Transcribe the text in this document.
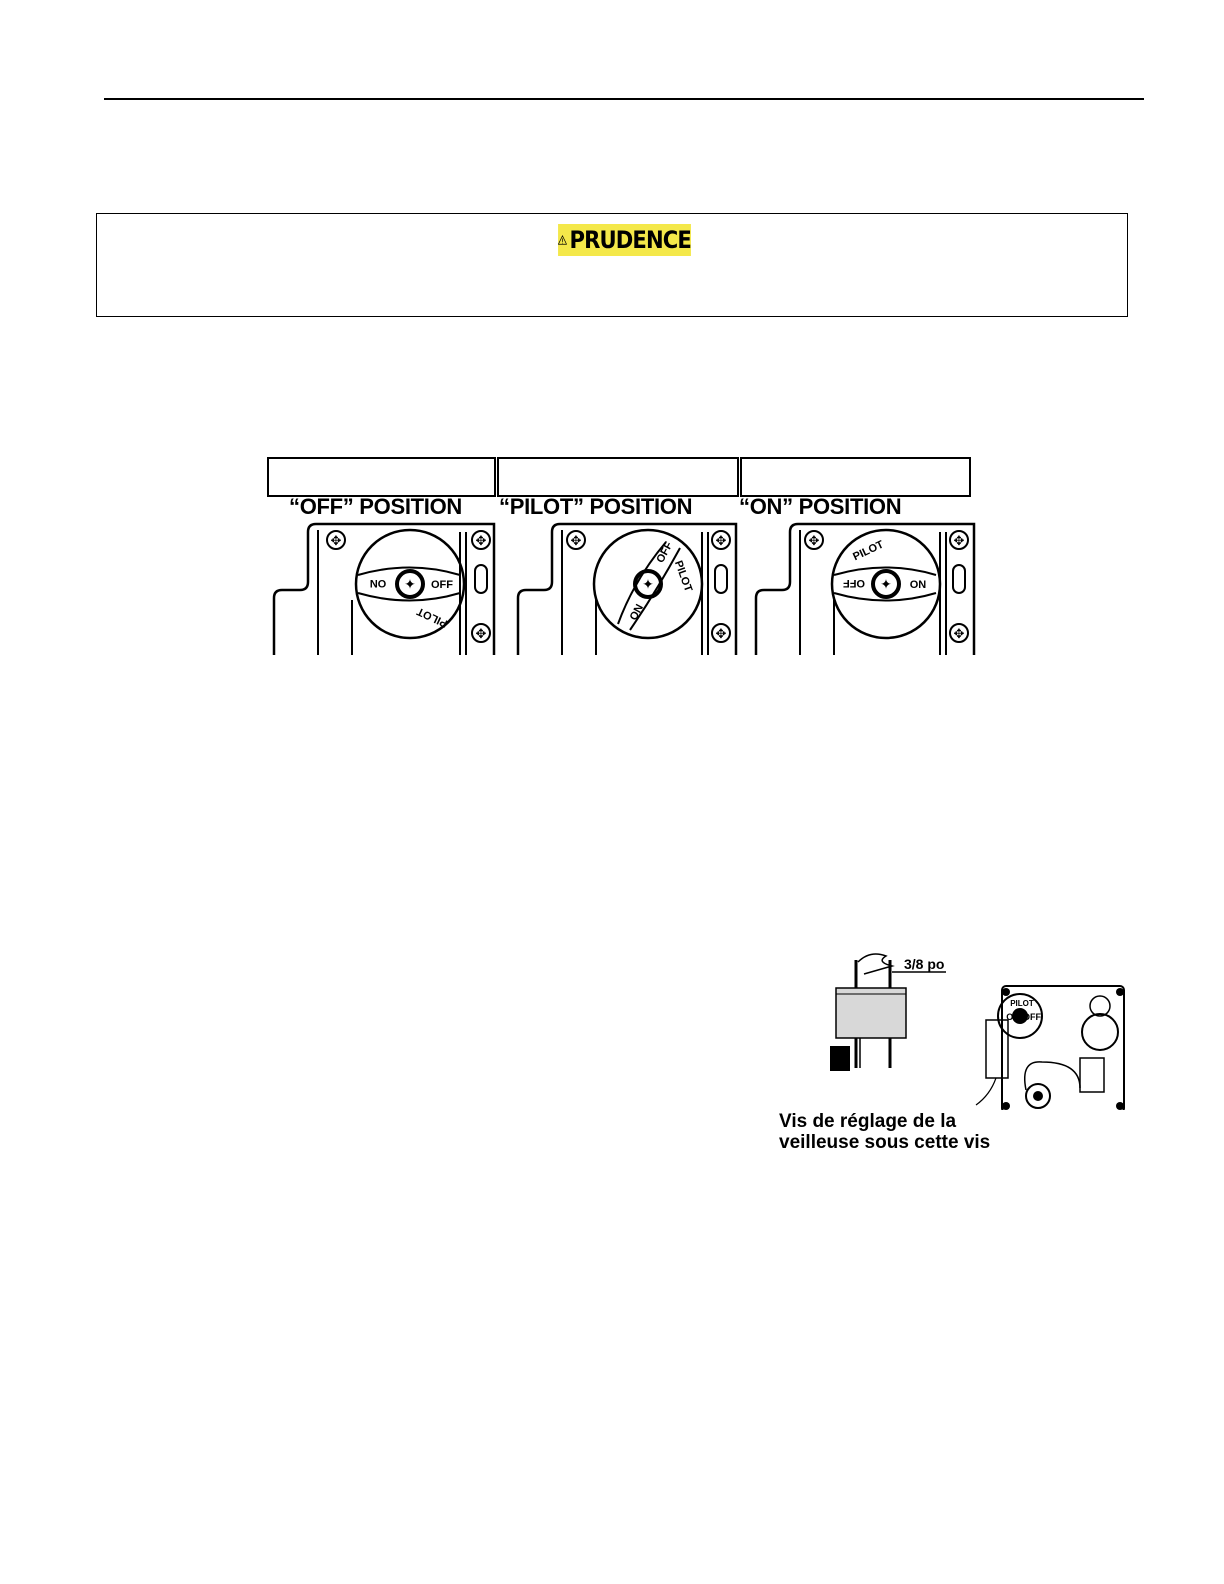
PRUDENCE
“OFF” POSITION “PILOT” POSITION “ON” POSITION
✥	✥
✥
✦
ON	OFF
PILOT
✥	✥
✥
✦
OFF
PILOT
ON
✥	✥
✥
✦
PILOT
OFF	ON
PILOT
ON OFF
3/8 po
Vis de réglage de la
veilleuse sous cette vis
